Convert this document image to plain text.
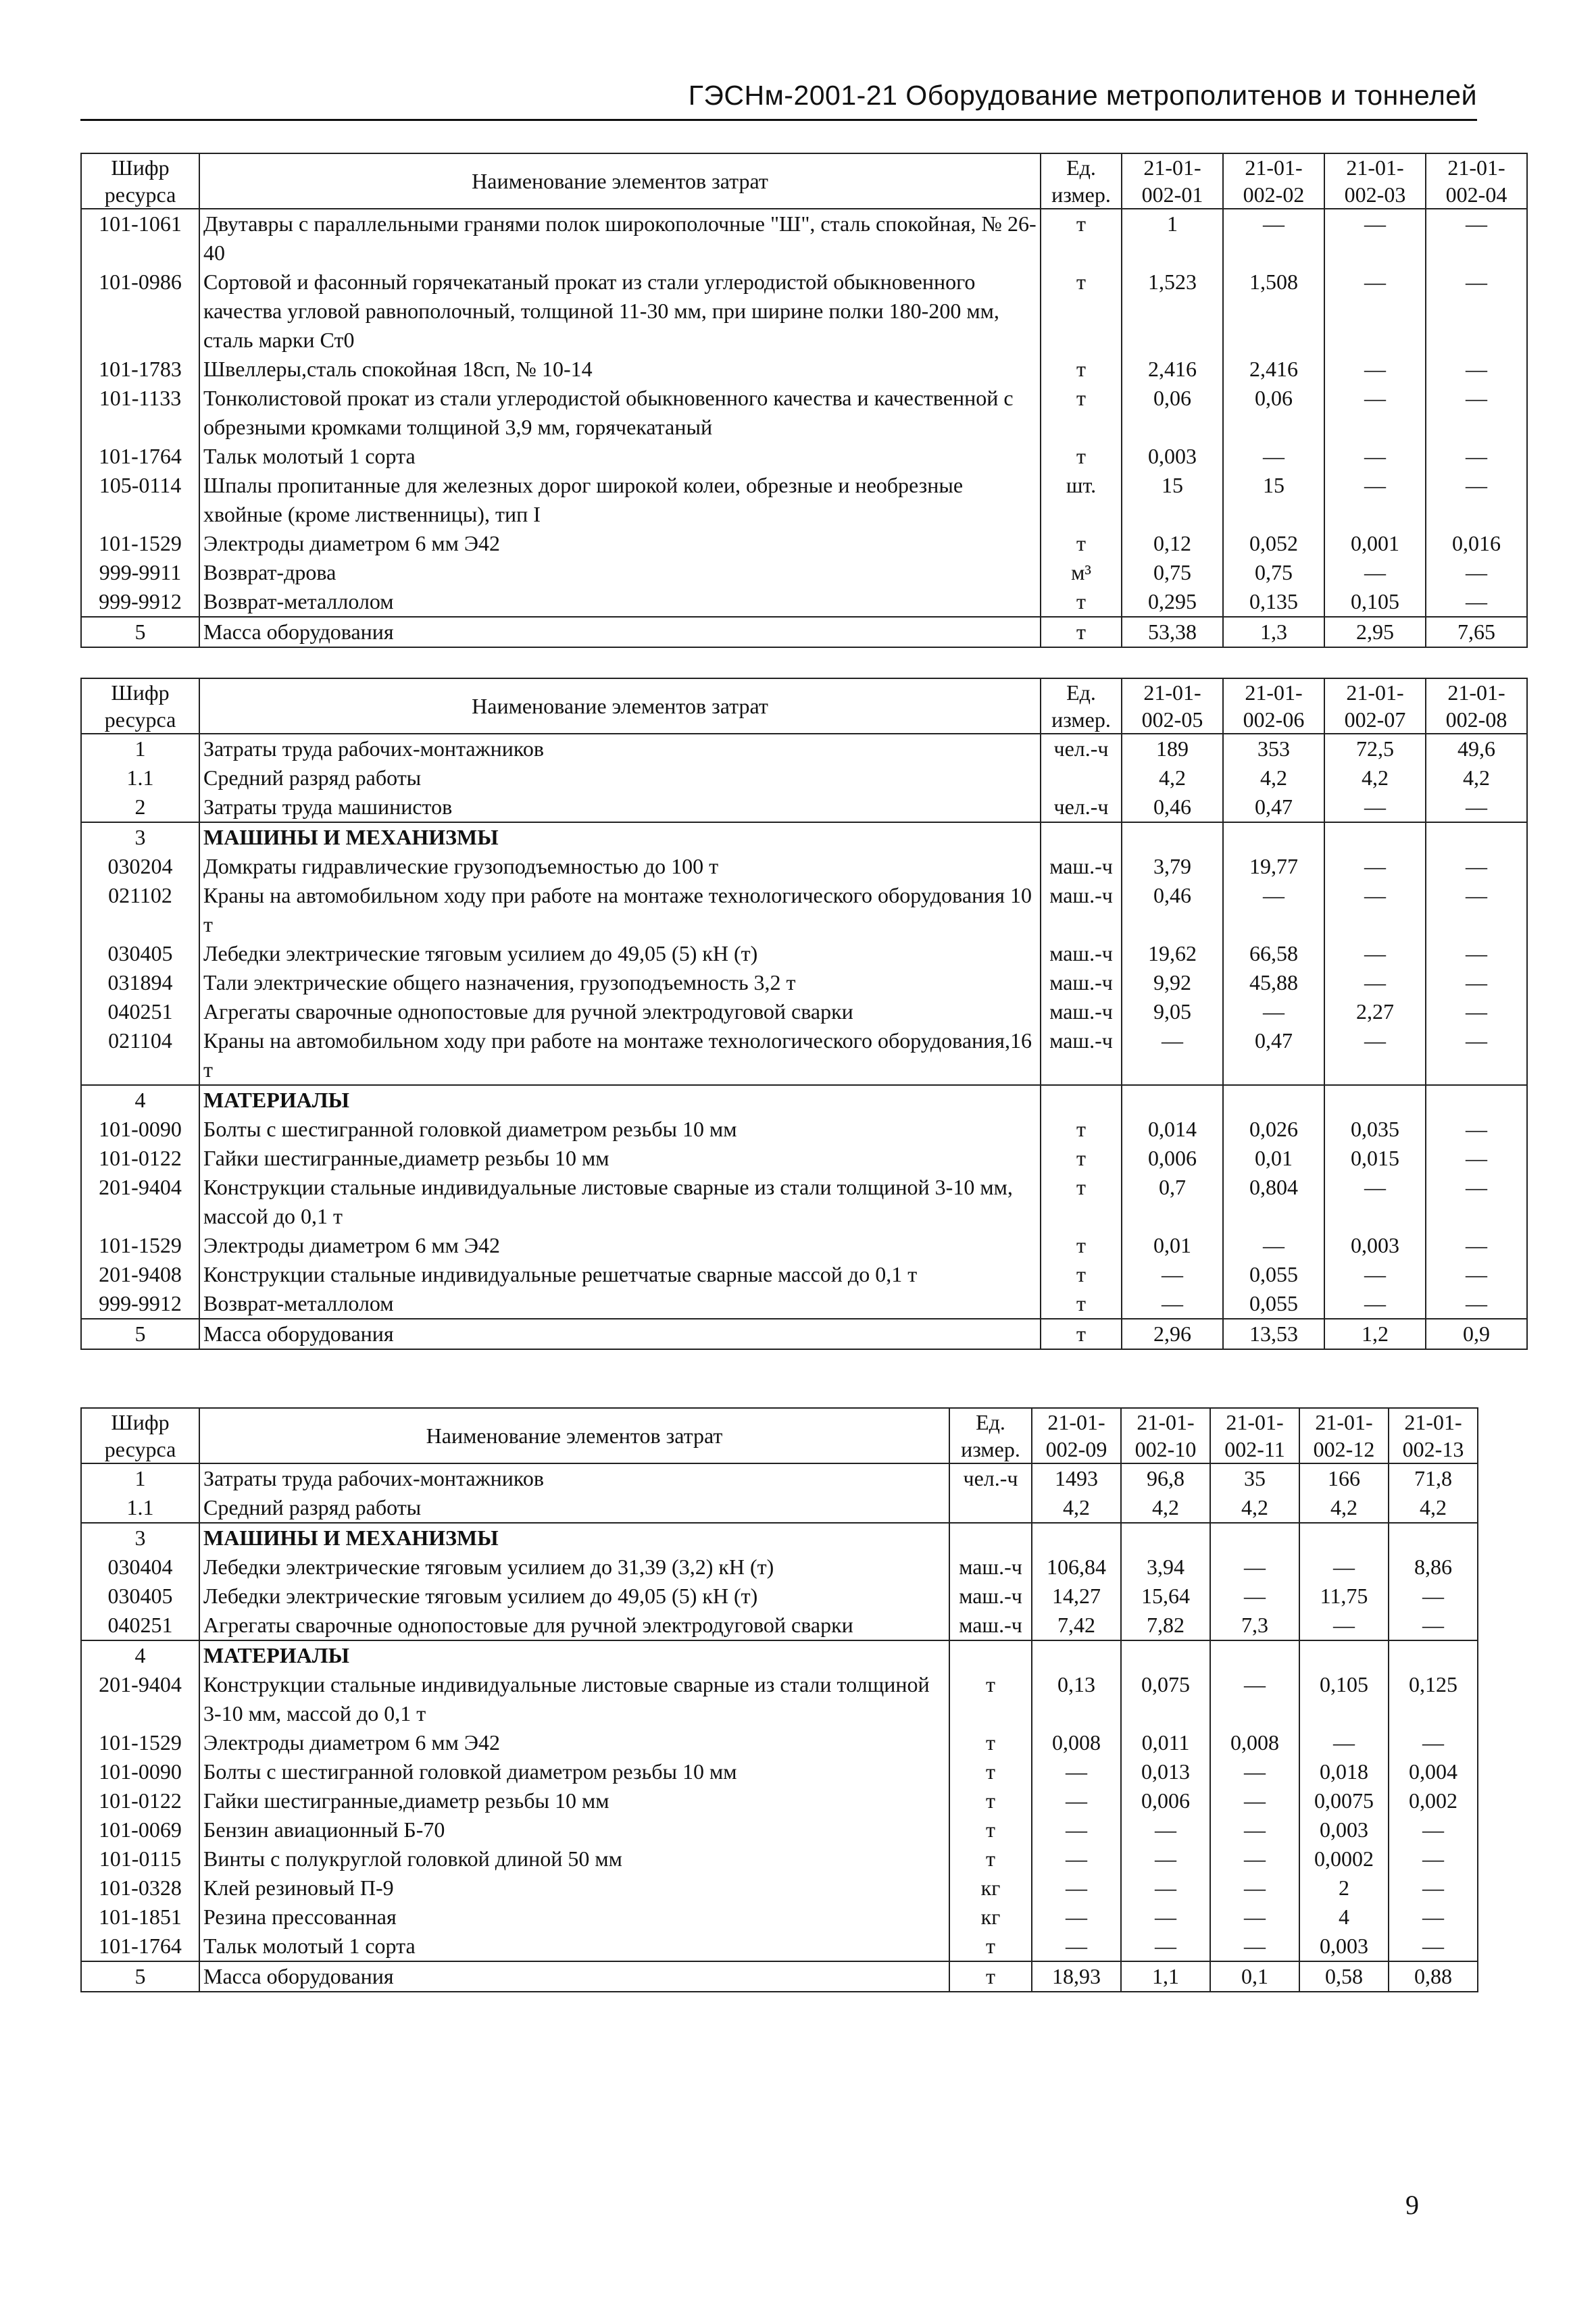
ГЭСНм-2001-21 Оборудование метрополитенов и тоннелей
Шифр ресурса	Наименование элементов затрат	Ед. измер.	21-01-002-01	21-01-002-02	21-01-002-03	21-01-002-04
101-1061	Двутавры с параллельными гранями полок широкополочные "Ш", сталь спокойная, № 26-40	т	1	—	—	—
101-0986	Сортовой и фасонный горячекатаный прокат из стали углеродистой обыкновенного качества угловой равнополочный, толщиной 11-30 мм, при ширине полки 180-200 мм, сталь марки Ст0	т	1,523	1,508	—	—
101-1783	Швеллеры,сталь спокойная 18сп, № 10-14	т	2,416	2,416	—	—
101-1133	Тонколистовой прокат из стали углеродистой обыкновенного качества и качественной с обрезными кромками толщиной 3,9 мм, горячекатаный	т	0,06	0,06	—	—
101-1764	Тальк молотый 1 сорта	т	0,003	—	—	—
105-0114	Шпалы пропитанные для железных дорог широкой колеи, обрезные и необрезные хвойные (кроме лиственницы), тип I	шт.	15	15	—	—
101-1529	Электроды диаметром 6 мм Э42	т	0,12	0,052	0,001	0,016
999-9911	Возврат-дрова	м³	0,75	0,75	—	—
999-9912	Возврат-металлолом	т	0,295	0,135	0,105	—
5	Масса оборудования	т	53,38	1,3	2,95	7,65
Шифр ресурса	Наименование элементов затрат	Ед. измер.	21-01-002-05	21-01-002-06	21-01-002-07	21-01-002-08
1	Затраты труда рабочих-монтажников	чел.-ч	189	353	72,5	49,6
1.1	Средний разряд работы		4,2	4,2	4,2	4,2
2	Затраты труда машинистов	чел.-ч	0,46	0,47	—	—
3	МАШИНЫ И МЕХАНИЗМЫ					
030204	Домкраты гидравлические грузоподъемностью до 100 т	маш.-ч	3,79	19,77	—	—
021102	Краны на автомобильном ходу при работе на монтаже технологического оборудования 10 т	маш.-ч	0,46	—	—	—
030405	Лебедки электрические тяговым усилием до 49,05 (5) кН (т)	маш.-ч	19,62	66,58	—	—
031894	Тали электрические общего назначения, грузоподъемность 3,2 т	маш.-ч	9,92	45,88	—	—
040251	Агрегаты сварочные однопостовые для ручной электродуговой сварки	маш.-ч	9,05	—	2,27	—
021104	Краны на автомобильном ходу при работе на монтаже технологического оборудования,16 т	маш.-ч	—	0,47	—	—
4	МАТЕРИАЛЫ					
101-0090	Болты с шестигранной головкой диаметром резьбы 10 мм	т	0,014	0,026	0,035	—
101-0122	Гайки шестигранные,диаметр резьбы 10 мм	т	0,006	0,01	0,015	—
201-9404	Конструкции стальные индивидуальные листовые сварные из стали толщиной 3-10 мм, массой до 0,1 т	т	0,7	0,804	—	—
101-1529	Электроды диаметром 6 мм Э42	т	0,01	—	0,003	—
201-9408	Конструкции стальные индивидуальные решетчатые сварные массой до 0,1 т	т	—	0,055	—	—
999-9912	Возврат-металлолом	т	—	0,055	—	—
5	Масса оборудования	т	2,96	13,53	1,2	0,9
Шифр ресурса	Наименование элементов затрат	Ед. измер.	21-01-002-09	21-01-002-10	21-01-002-11	21-01-002-12	21-01-002-13
1	Затраты труда рабочих-монтажников	чел.-ч	1493	96,8	35	166	71,8
1.1	Средний разряд работы		4,2	4,2	4,2	4,2	4,2
3	МАШИНЫ И МЕХАНИЗМЫ						
030404	Лебедки электрические тяговым усилием до 31,39 (3,2) кН (т)	маш.-ч	106,84	3,94	—	—	8,86
030405	Лебедки электрические тяговым усилием до 49,05 (5) кН (т)	маш.-ч	14,27	15,64	—	11,75	—
040251	Агрегаты сварочные однопостовые для ручной электродуговой сварки	маш.-ч	7,42	7,82	7,3	—	—
4	МАТЕРИАЛЫ						
201-9404	Конструкции стальные индивидуальные листовые сварные из стали толщиной 3-10 мм, массой до 0,1 т	т	0,13	0,075	—	0,105	0,125
101-1529	Электроды диаметром 6 мм Э42	т	0,008	0,011	0,008	—	—
101-0090	Болты с шестигранной головкой диаметром резьбы 10 мм	т	—	0,013	—	0,018	0,004
101-0122	Гайки шестигранные,диаметр резьбы 10 мм	т	—	0,006	—	0,0075	0,002
101-0069	Бензин авиационный Б-70	т	—	—	—	0,003	—
101-0115	Винты с полукруглой головкой длиной 50 мм	т	—	—	—	0,0002	—
101-0328	Клей резиновый П-9	кг	—	—	—	2	—
101-1851	Резина прессованная	кг	—	—	—	4	—
101-1764	Тальк молотый 1 сорта	т	—	—	—	0,003	—
5	Масса оборудования	т	18,93	1,1	0,1	0,58	0,88
9
